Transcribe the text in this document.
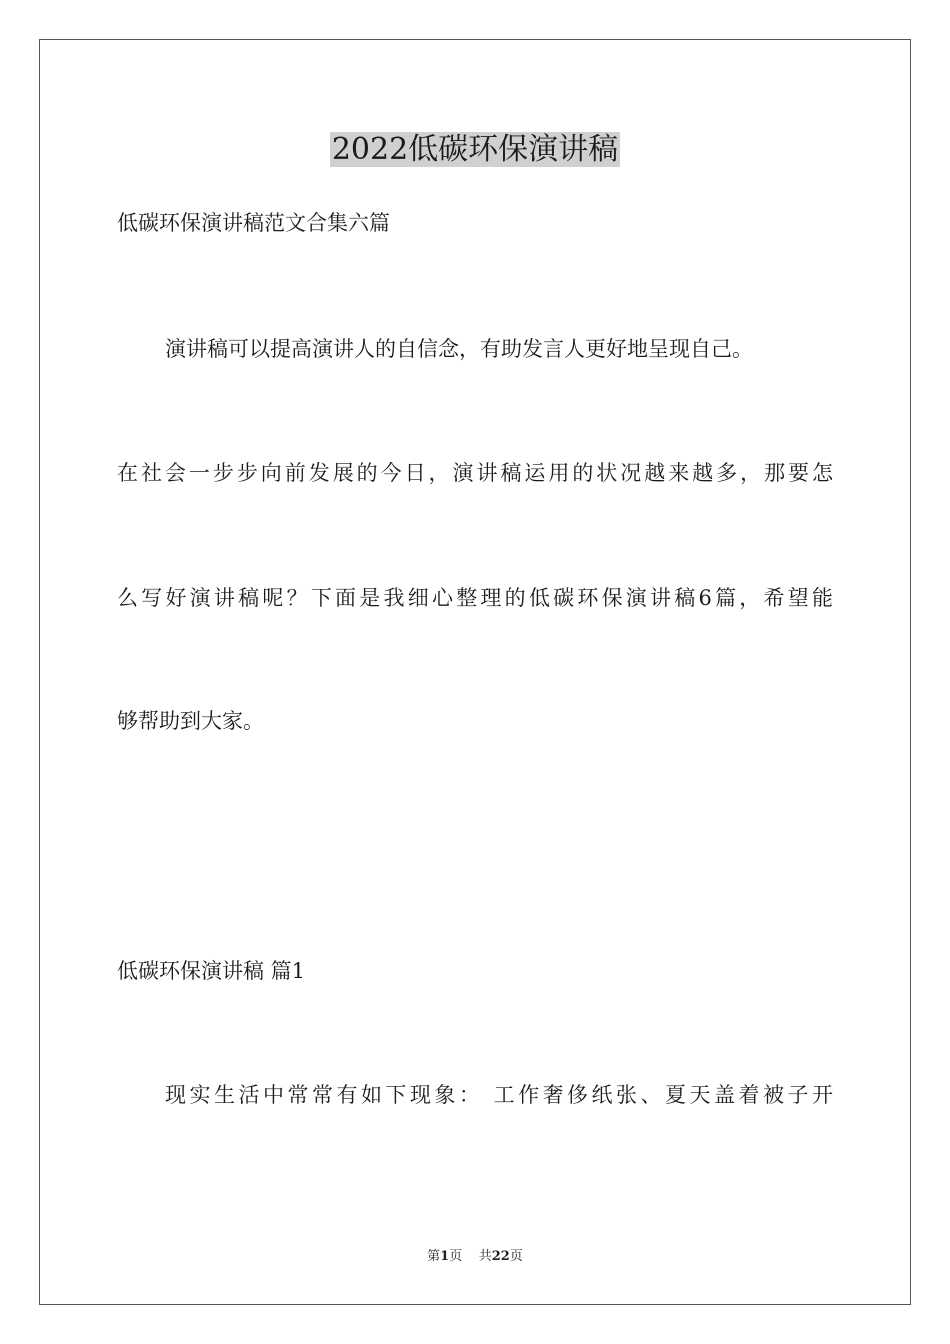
2022低碳环保演讲稿

低碳环保演讲稿范文合集六篇

演讲稿可以提高演讲人的自信念，有助发言人更好地呈现自己。

在社会一步步向前发展的今日，演讲稿运用的状况越来越多，那要怎

么写好演讲稿呢？下面是我细心整理的低碳环保演讲稿6篇，希望能

够帮助到大家。

低碳环保演讲稿 篇1

现实生活中常常有如下现象： 工作奢侈纸张、夏天盖着被子开

第1页 共22页
